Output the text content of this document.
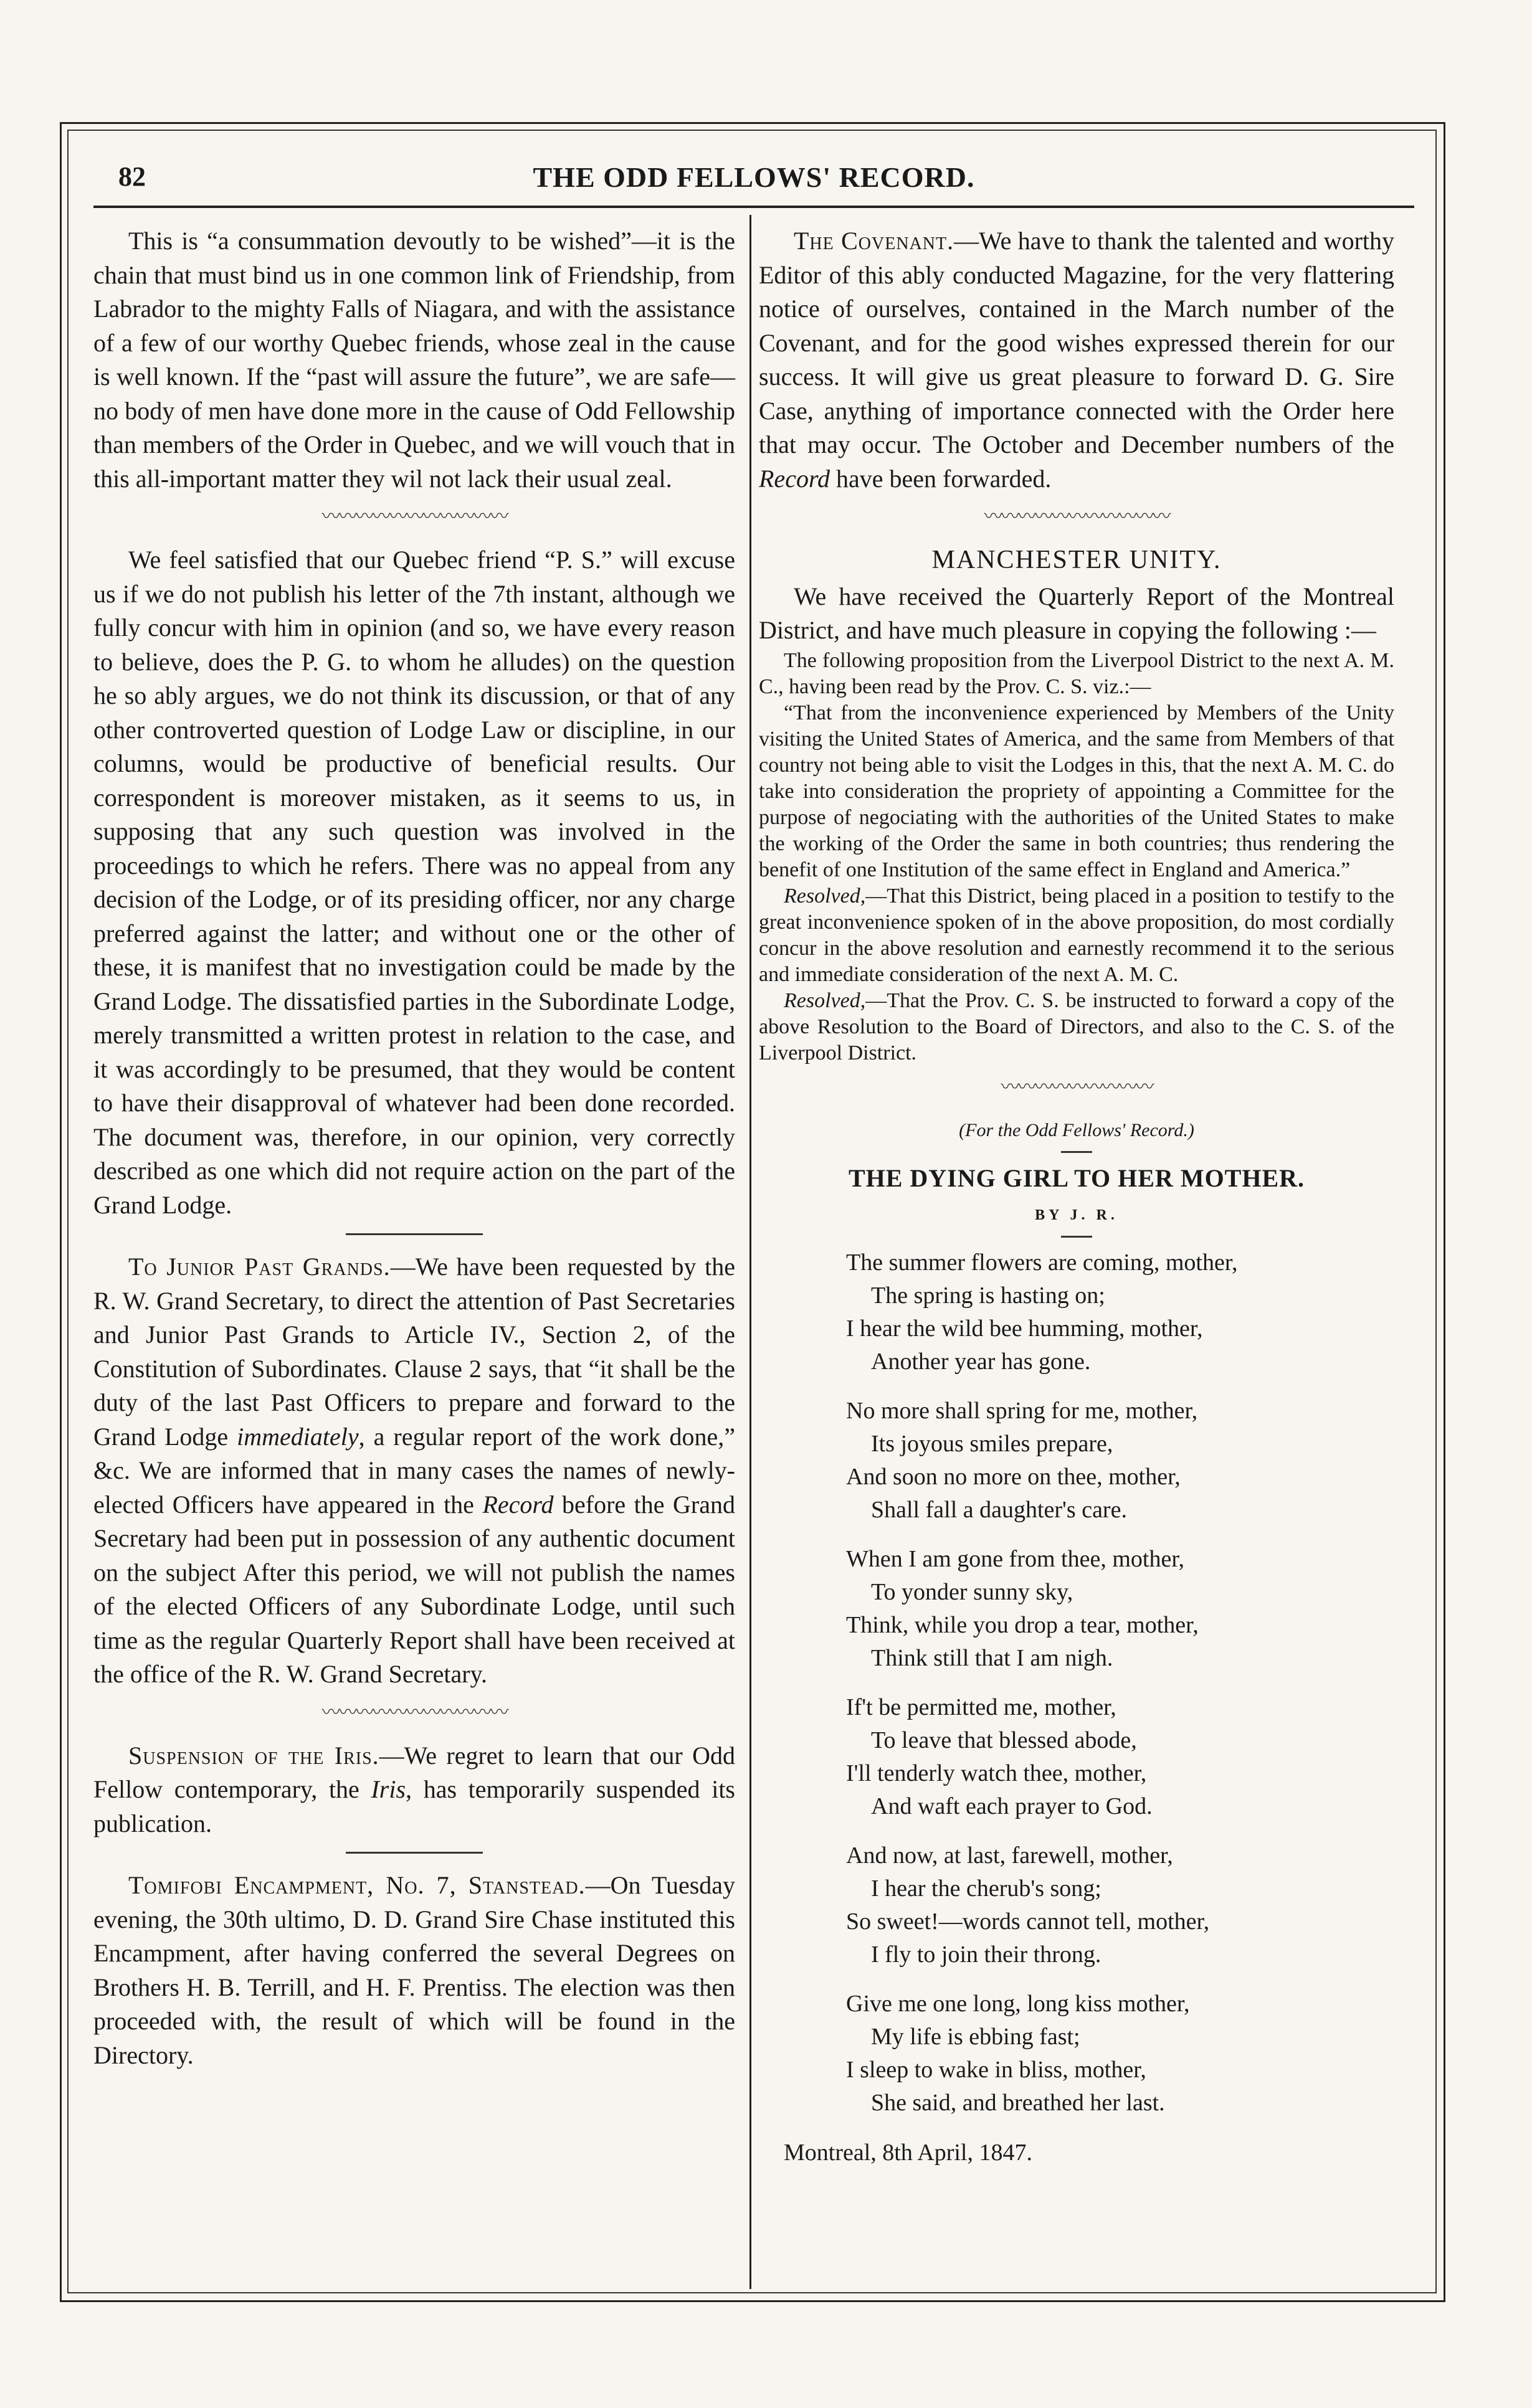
82	THE ODD FELLOWS' RECORD.

This is “a consummation devoutly to be wished”—it is the chain that must bind us in one common link of Friendship, from Labrador to the mighty Falls of Niagara, and with the assistance of a few of our worthy Quebec friends, whose zeal in the cause is well known. If the “past will assure the future”, we are safe—no body of men have done more in the cause of Odd Fellowship than members of the Order in Quebec, and we will vouch that in this all-important matter they wil not lack their usual zeal.

〰〰〰〰〰〰〰〰〰〰〰

We feel satisfied that our Quebec friend “P. S.” will excuse us if we do not publish his letter of the 7th instant, although we fully concur with him in opinion (and so, we have every reason to believe, does the P. G. to whom he alludes) on the question he so ably argues, we do not think its discussion, or that of any other controverted question of Lodge Law or discipline, in our columns, would be productive of beneficial results. Our correspondent is moreover mistaken, as it seems to us, in supposing that any such question was involved in the proceedings to which he refers. There was no appeal from any decision of the Lodge, or of its presiding officer, nor any charge preferred against the latter; and without one or the other of these, it is manifest that no investigation could be made by the Grand Lodge. The dissatisfied parties in the Subordinate Lodge, merely transmitted a written protest in relation to the case, and it was accordingly to be presumed, that they would be content to have their disapproval of whatever had been done recorded. The document was, therefore, in our opinion, very correctly described as one which did not require action on the part of the Grand Lodge.

To Junior Past Grands.—We have been requested by the R. W. Grand Secretary, to direct the attention of Past Secretaries and Junior Past Grands to Article IV., Section 2, of the Constitution of Subordinates. Clause 2 says, that “it shall be the duty of the last Past Officers to prepare and forward to the Grand Lodge immediately, a regular report of the work done,” &c. We are informed that in many cases the names of newly-elected Officers have appeared in the Record before the Grand Secretary had been put in possession of any authentic document on the subject After this period, we will not publish the names of the elected Officers of any Subordinate Lodge, until such time as the regular Quarterly Report shall have been received at the office of the R. W. Grand Secretary.

〰〰〰〰〰〰〰〰〰〰〰

Suspension of the Iris.—We regret to learn that our Odd Fellow contemporary, the Iris, has temporarily suspended its publication.

Tomifobi Encampment, No. 7, Stanstead.—On Tuesday evening, the 30th ultimo, D. D. Grand Sire Chase instituted this Encampment, after having conferred the several Degrees on Brothers H. B. Terrill, and H. F. Prentiss. The election was then proceeded with, the result of which will be found in the Directory.

The Covenant.—We have to thank the talented and worthy Editor of this ably conducted Magazine, for the very flattering notice of ourselves, contained in the March number of the Covenant, and for the good wishes expressed therein for our success. It will give us great pleasure to forward D. G. Sire Case, anything of importance connected with the Order here that may occur. The October and December numbers of the Record have been forwarded.

〰〰〰〰〰〰〰〰〰〰〰
MANCHESTER UNITY.

We have received the Quarterly Report of the Montreal District, and have much pleasure in copying the following :—

The following proposition from the Liverpool District to the next A. M. C., having been read by the Prov. C. S. viz.:—

“That from the inconvenience experienced by Members of the Unity visiting the United States of America, and the same from Members of that country not being able to visit the Lodges in this, that the next A. M. C. do take into consideration the propriety of appointing a Committee for the purpose of negociating with the authorities of the United States to make the working of the Order the same in both countries; thus rendering the benefit of one Institution of the same effect in England and America.”

Resolved,—That this District, being placed in a position to testify to the great inconvenience spoken of in the above proposition, do most cordially concur in the above resolution and earnestly recommend it to the serious and immediate consideration of the next A. M. C.

Resolved,—That the Prov. C. S. be instructed to forward a copy of the above Resolution to the Board of Directors, and also to the C. S. of the Liverpool District.

〰〰〰〰〰〰〰〰〰
(For the Odd Fellows' Record.)
THE DYING GIRL TO HER MOTHER.
BY J. R.
The summer flowers are coming, mother,
The spring is hasting on;
I hear the wild bee humming, mother,
Another year has gone.
No more shall spring for me, mother,
Its joyous smiles prepare,
And soon no more on thee, mother,
Shall fall a daughter's care.
When I am gone from thee, mother,
To yonder sunny sky,
Think, while you drop a tear, mother,
Think still that I am nigh.
If't be permitted me, mother,
To leave that blessed abode,
I'll tenderly watch thee, mother,
And waft each prayer to God.
And now, at last, farewell, mother,
I hear the cherub's song;
So sweet!—words cannot tell, mother,
I fly to join their throng.
Give me one long, long kiss mother,
My life is ebbing fast;
I sleep to wake in bliss, mother,
She said, and breathed her last.
Montreal, 8th April, 1847.
